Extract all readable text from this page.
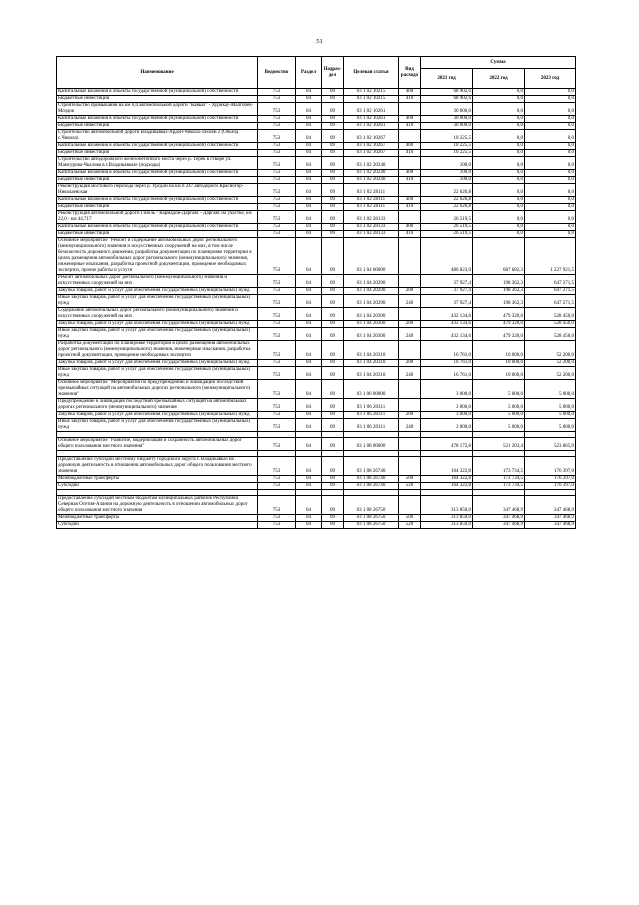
51
Наименование	Ведомство	Раздел	Подраз-дел	Целевая статья	Вид расхода	Сумма		
						2021 год	2022 год	2023 год
Капитальные вложения в объекты государственной (муниципальной) собственности	753	04	09	03 1 02 10215	400	68 902,6	0,0	0,0
Бюджетные инвестиции	753	04	09	03 1 02 10215	410	68 902,6	0,0	0,0
Строительство примыкания на км 0,0 автомобильной дороги "Кавказ" - Хурикау-Малгобек-Моздок	753	04	09	03 1 02 10261		30 000,0	0,0	0,0
Капитальные вложения в объекты государственной (муниципальной) собственности	753	04	09	03 1 02 10261	400	30 000,0	0,0	0,0
Бюджетные инвестиции	753	04	09	03 1 02 10261	410	30 000,0	0,0	0,0
Строительство автомобильной дороги Владикавказ-Ардон-Чикола-Лескен 2 (Обьезд с.Чикола)	753	04	09	03 1 02 10267		10 225,5	0,0	0,0
Капитальные вложения в объекты государственной (муниципальной) собственности	753	04	09	03 1 02 10267	400	10 225,5	0,0	0,0
Бюджетные инвестиции	753	04	09	03 1 02 10267	410	10 225,5	0,0	0,0
Строительство автодорожного железобетонного моста через р. Терек в створе ул. Мамсурова-Чкалова в г.Владикавказе (подходы)	753	04	09	03 1 02 20240		100,0	0,0	0,0
Капитальные вложения в объекты государственной (муниципальной) собственности	753	04	09	03 1 02 20240	400	100,0	0,0	0,0
Бюджетные инвестиции	753	04	09	03 1 02 20240	410	100,0	0,0	0,0
Реконструкция мостового перехода через р. Урсдон на км 0 247 автодороги Красногор-Николаевская	753	04	09	03 1 02 28111		22 626,8	0,0	0,0
Капитальные вложения в объекты государственной (муниципальной) собственности	753	04	09	03 1 02 28111	400	22 626,8	0,0	0,0
Бюджетные инвестиции	753	04	09	03 1 02 28111	410	22 626,8	0,0	0,0
Реконструкция автомобильной дороги Гизель - Кармадон-Даргавс - Даргавс на участке, км 22,0 - км 44,717	753	04	09	03 1 02 28133		26 519,5	0,0	0,0
Капитальные вложения в объекты государственной (муниципальной) собственности	753	04	09	03 1 02 28133	400	26 519,5	0,0	0,0
Бюджетные инвестиции	753	04	09	03 1 02 28133	410	26 519,5	0,0	0,0
Основное мероприятие "Ремонт и содержание автомобильных дорог регионального (межмуниципального) значения и искусственных сооружений на них, в том числе безопасность дорожного движения, разработка документации по планировке территории в целях размещения автомобильных дорог регионального (межмуниципального) значения, инженерные изыскания, разработка проектной документации, проведение необходимых экспертиз, прочие работы и услуги	753	04	09	03 1 04 00000		486 823,0	687 682,3	1 227 921,5
Ремонт автомобильных дорог регионального (межмуниципального) значения и искусственных сооружений на них	753	04	09	03 1 04 20290		37 927,4	198 362,3	647 271,5
Закупка товаров, работ и услуг для обеспечения государственных (муниципальных) нужд	753	04	09	03 1 04 20290	200	37 927,4	198 362,3	647 271,5
Иные закупки товаров, работ и услуг для обеспечения государственных (муниципальных) нужд	753	04	09	03 1 04 20290	240	37 927,4	198 362,3	647 271,5
Содержание автомобильных дорог регионального (межмуниципального) значения и искусственных сооружений на них	753	04	09	03 1 04 20300		432 134,6	479 320,0	528 450,0
Закупка товаров, работ и услуг для обеспечения государственных (муниципальных) нужд	753	04	09	03 1 04 20300	200	432 134,6	479 320,0	528 450,0
Иные закупки товаров, работ и услуг для обеспечения государственных (муниципальных) нужд	753	04	09	03 1 04 20300	240	432 134,6	479 320,0	528 450,0
Разработка документации по планировке территории в целях размещения автомобильных дорог регионального (межмуниципального) значения, инженерные изыскания, разработка проектной документации, проведение необходимых экспертиз	753	04	09	03 1 04 20310		16 761,0	10 000,0	52 200,0
Закупка товаров, работ и услуг для обеспечения государственных (муниципальных) нужд	753	04	09	03 1 04 20310	200	16 761,0	10 000,0	52 200,0
Иные закупки товаров, работ и услуг для обеспечения государственных (муниципальных) нужд	753	04	09	03 1 04 20310	240	16 761,0	10 000,0	52 200,0
Основное мероприятие "Мероприятия по предупреждению и ликвидации последствий чрезвычайных ситуаций на автомобильных дорогах регионального (межмуниципального) значения"	753	04	09	03 1 06 00000		3 000,0	5 000,0	5 000,0
Предупреждение и ликвидация последствий чрезвычайных ситуаций на автомобильных дорогах регионального (межмуниципального) значения	753	04	09	03 1 06 20311		3 000,0	5 000,0	5 000,0
Закупка товаров, работ и услуг для обеспечения государственных (муниципальных) нужд	753	04	09	03 1 06 20311	200	3 000,0	5 000,0	5 000,0
Иные закупки товаров, работ и услуг для обеспечения государственных (муниципальных) нужд	753	04	09	03 1 06 20311	240	3 000,0	5 000,0	5 000,0

Основное мероприятие "Развитие, модернизация и сохранность автомобильных дорог общего пользования местного значения"	753	04	09	03 1 08 00000		478 172,8	521 203,4	523 865,9

Предоставление субсидии местному бюджету городского округа г. Владикавказ на дорожную деятельность в отношении автомобильных дорог общего пользования местного значения	753	04	09	03 1 08 26740		164 322,8	173 734,5	176 397,0
Межбюджетные трансферты	753	04	09	03 1 08 26740	500	164 322,8	173 734,5	176 397,0
Субсидии	753	04	09	03 1 08 26740	520	164 322,8	173 734,5	176 397,0

Предоставление субсидий местным бюджетам муниципальных районов Республики Северная Осетия-Алания на дорожную деятельность в отношении автомобильных дорог общего пользования местного значения	753	04	09	03 1 08 26750		313 850,0	347 468,9	347 468,9
Межбюджетные трансферты	753	04	09	03 1 08 26750	500	313 850,0	347 468,9	347 468,9
Субсидии	753	04	09	03 1 08 26750	520	313 850,0	347 468,9	347 468,9
